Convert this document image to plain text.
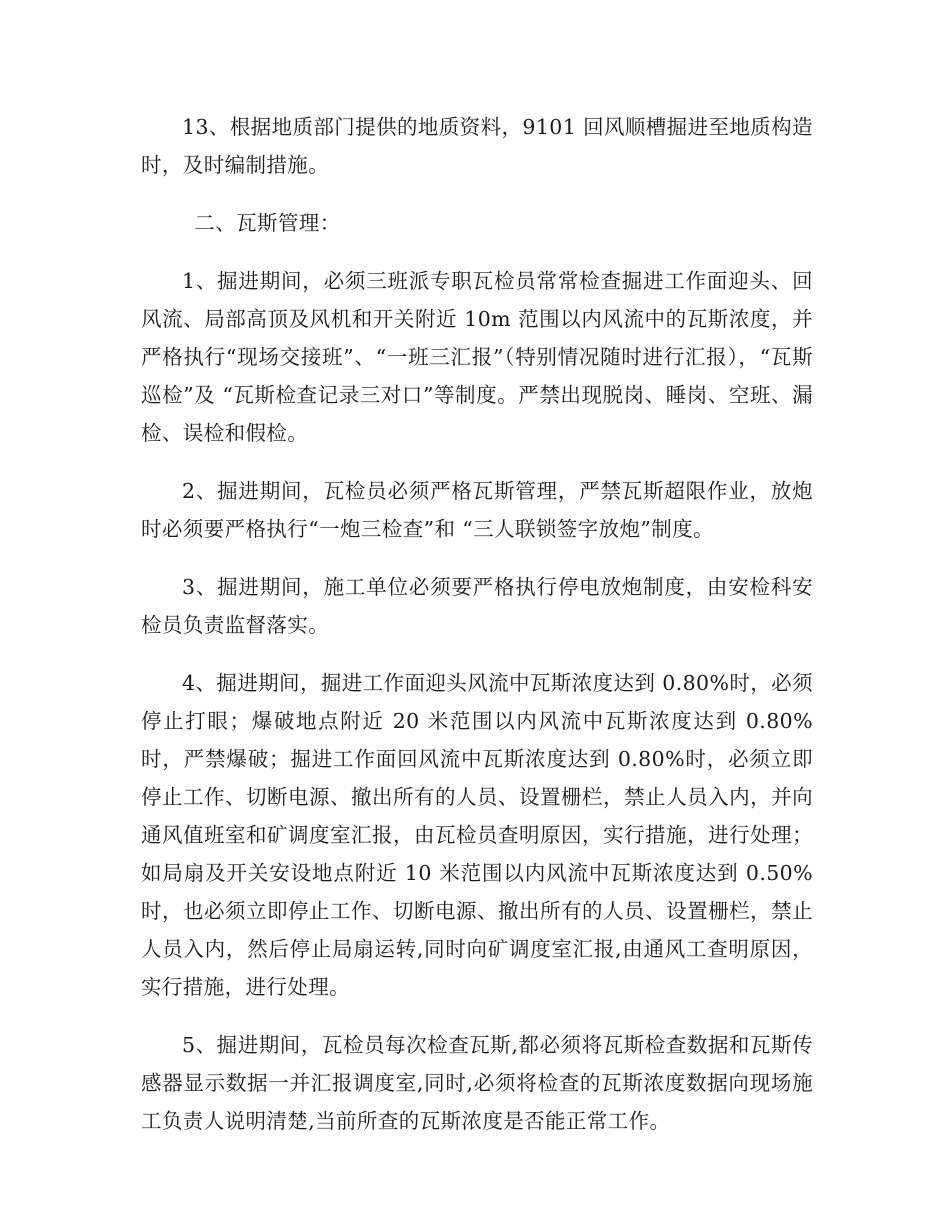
13、根据地质部门提供的地质资料，9101 回风顺槽掘进至地质构造时，及时编制措施。

二、瓦斯管理：

1、掘进期间，必须三班派专职瓦检员常常检查掘进工作面迎头、回风流、局部高顶及风机和开关附近 10m 范围以内风流中的瓦斯浓度，并严格执行“现场交接班”、“一班三汇报”（特别情况随时进行汇报），“瓦斯巡检”及 “瓦斯检查记录三对口”等制度。严禁出现脱岗、睡岗、空班、漏检、误检和假检。

2、掘进期间，瓦检员必须严格瓦斯管理，严禁瓦斯超限作业，放炮时必须要严格执行“一炮三检查”和 “三人联锁签字放炮”制度。

3、掘进期间，施工单位必须要严格执行停电放炮制度，由安检科安检员负责监督落实。

4、掘进期间，掘进工作面迎头风流中瓦斯浓度达到 0.80%时，必须停止打眼；爆破地点附近 20 米范围以内风流中瓦斯浓度达到 0.80%时，严禁爆破；掘进工作面回风流中瓦斯浓度达到 0.80%时，必须立即停止工作、切断电源、撤出所有的人员、设置栅栏，禁止人员入内，并向通风值班室和矿调度室汇报，由瓦检员查明原因，实行措施，进行处理；如局扇及开关安设地点附近 10 米范围以内风流中瓦斯浓度达到 0.50%时，也必须立即停止工作、切断电源、撤出所有的人员、设置栅栏，禁止人员入内，然后停止局扇运转,同时向矿调度室汇报,由通风工查明原因，实行措施，进行处理。

5、掘进期间，瓦检员每次检查瓦斯,都必须将瓦斯检查数据和瓦斯传感器显示数据一并汇报调度室,同时,必须将检查的瓦斯浓度数据向现场施工负责人说明清楚,当前所查的瓦斯浓度是否能正常工作。
